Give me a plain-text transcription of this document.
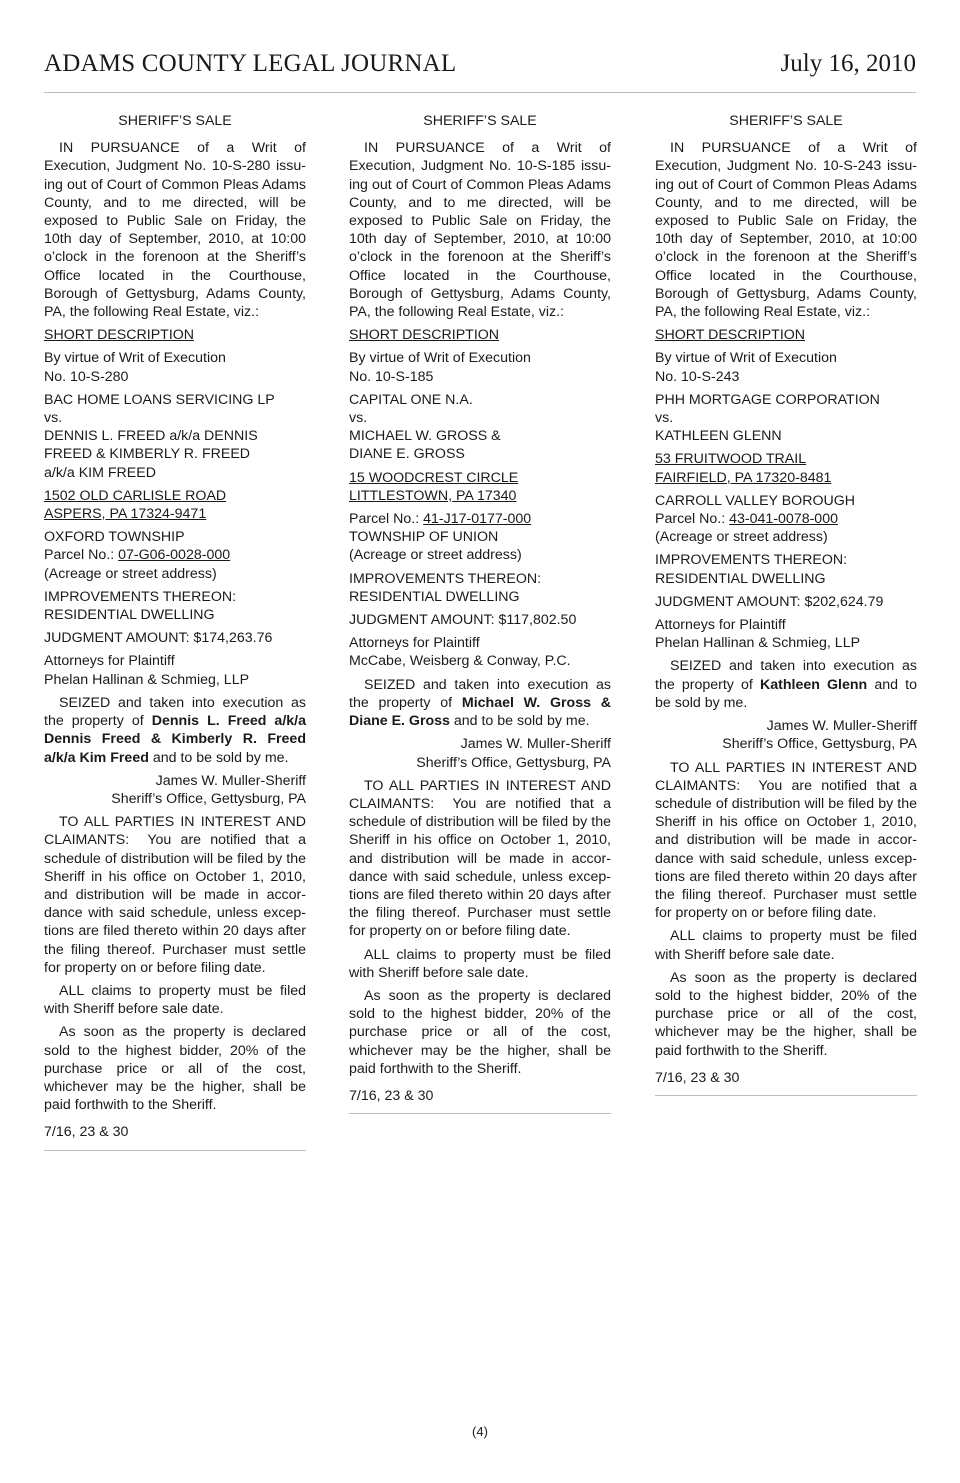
ADAMS COUNTY LEGAL JOURNAL	July 16, 2010

SHERIFF’S SALE

IN PURSUANCE of a Writ of Execution, Judgment No. 10-S-280 issuing out of Court of Common Pleas Adams County, and to me directed, will be exposed to Public Sale on Friday, the 10th day of September, 2010, at 10:00 o’clock in the forenoon at the Sheriff’s Office located in the Courthouse, Borough of Gettysburg, Adams County, PA, the following Real Estate, viz.:

SHORT DESCRIPTION

By virtue of Writ of Execution

No. 10-S-280

BAC HOME LOANS SERVICING LP

vs.

DENNIS L. FREED a/k/a DENNIS

FREED & KIMBERLY R. FREED

a/k/a KIM FREED

1502 OLD CARLISLE ROAD

ASPERS, PA 17324-9471

OXFORD TOWNSHIP

Parcel No.: 07-G06-0028-000

(Acreage or street address)

IMPROVEMENTS THEREON:

RESIDENTIAL DWELLING

JUDGMENT AMOUNT: $174,263.76

Attorneys for Plaintiff

Phelan Hallinan & Schmieg, LLP

SEIZED and taken into execution as the property of Dennis L. Freed a/k/a Dennis Freed & Kimberly R. Freed a/k/a Kim Freed and to be sold by me.

James W. Muller-Sheriff

Sheriff’s Office, Gettysburg, PA

TO ALL PARTIES IN INTEREST AND CLAIMANTS:  You are notified that a schedule of distribution will be filed by the Sheriff in his office on October 1, 2010, and distribution will be made in accordance with said schedule, unless exceptions are filed thereto within 20 days after the filing thereof. Purchaser must settle for property on or before filing date.

ALL claims to property must be filed with Sheriff before sale date.

As soon as the property is declared sold to the highest bidder, 20% of the purchase price or all of the cost, whichever may be the higher, shall be paid forthwith to the Sheriff.

7/16, 23 & 30

SHERIFF’S SALE

IN PURSUANCE of a Writ of Execution, Judgment No. 10-S-185 issuing out of Court of Common Pleas Adams County, and to me directed, will be exposed to Public Sale on Friday, the 10th day of September, 2010, at 10:00 o’clock in the forenoon at the Sheriff’s Office located in the Courthouse, Borough of Gettysburg, Adams County, PA, the following Real Estate, viz.:

SHORT DESCRIPTION

By virtue of Writ of Execution

No. 10-S-185

CAPITAL ONE N.A.

vs.

MICHAEL W. GROSS &

DIANE E. GROSS

15 WOODCREST CIRCLE

LITTLESTOWN, PA 17340

Parcel No.: 41-J17-0177-000

TOWNSHIP OF UNION

(Acreage or street address)

IMPROVEMENTS THEREON:

RESIDENTIAL DWELLING

JUDGMENT AMOUNT: $117,802.50

Attorneys for Plaintiff

McCabe, Weisberg & Conway, P.C.

SEIZED and taken into execution as the property of Michael W. Gross & Diane E. Gross and to be sold by me.

James W. Muller-Sheriff

Sheriff’s Office, Gettysburg, PA

TO ALL PARTIES IN INTEREST AND CLAIMANTS:  You are notified that a schedule of distribution will be filed by the Sheriff in his office on October 1, 2010, and distribution will be made in accordance with said schedule, unless exceptions are filed thereto within 20 days after the filing thereof. Purchaser must settle for property on or before filing date.

ALL claims to property must be filed with Sheriff before sale date.

As soon as the property is declared sold to the highest bidder, 20% of the purchase price or all of the cost, whichever may be the higher, shall be paid forthwith to the Sheriff.

7/16, 23 & 30

SHERIFF’S SALE

IN PURSUANCE of a Writ of Execution, Judgment No. 10-S-243 issuing out of Court of Common Pleas Adams County, and to me directed, will be exposed to Public Sale on Friday, the 10th day of September, 2010, at 10:00 o’clock in the forenoon at the Sheriff’s Office located in the Courthouse, Borough of Gettysburg, Adams County, PA, the following Real Estate, viz.:

SHORT DESCRIPTION

By virtue of Writ of Execution

No. 10-S-243

PHH MORTGAGE CORPORATION

vs.

KATHLEEN GLENN

53 FRUITWOOD TRAIL

FAIRFIELD, PA 17320-8481

CARROLL VALLEY BOROUGH

Parcel No.: 43-041-0078-000

(Acreage or street address)

IMPROVEMENTS THEREON:

RESIDENTIAL DWELLING

JUDGMENT AMOUNT: $202,624.79

Attorneys for Plaintiff

Phelan Hallinan & Schmieg, LLP

SEIZED and taken into execution as the property of Kathleen Glenn and to be sold by me.

James W. Muller-Sheriff

Sheriff’s Office, Gettysburg, PA

TO ALL PARTIES IN INTEREST AND CLAIMANTS:  You are notified that a schedule of distribution will be filed by the Sheriff in his office on October 1, 2010, and distribution will be made in accordance with said schedule, unless exceptions are filed thereto within 20 days after the filing thereof. Purchaser must settle for property on or before filing date.

ALL claims to property must be filed with Sheriff before sale date.

As soon as the property is declared sold to the highest bidder, 20% of the purchase price or all of the cost, whichever may be the higher, shall be paid forthwith to the Sheriff.

7/16, 23 & 30

(4)
